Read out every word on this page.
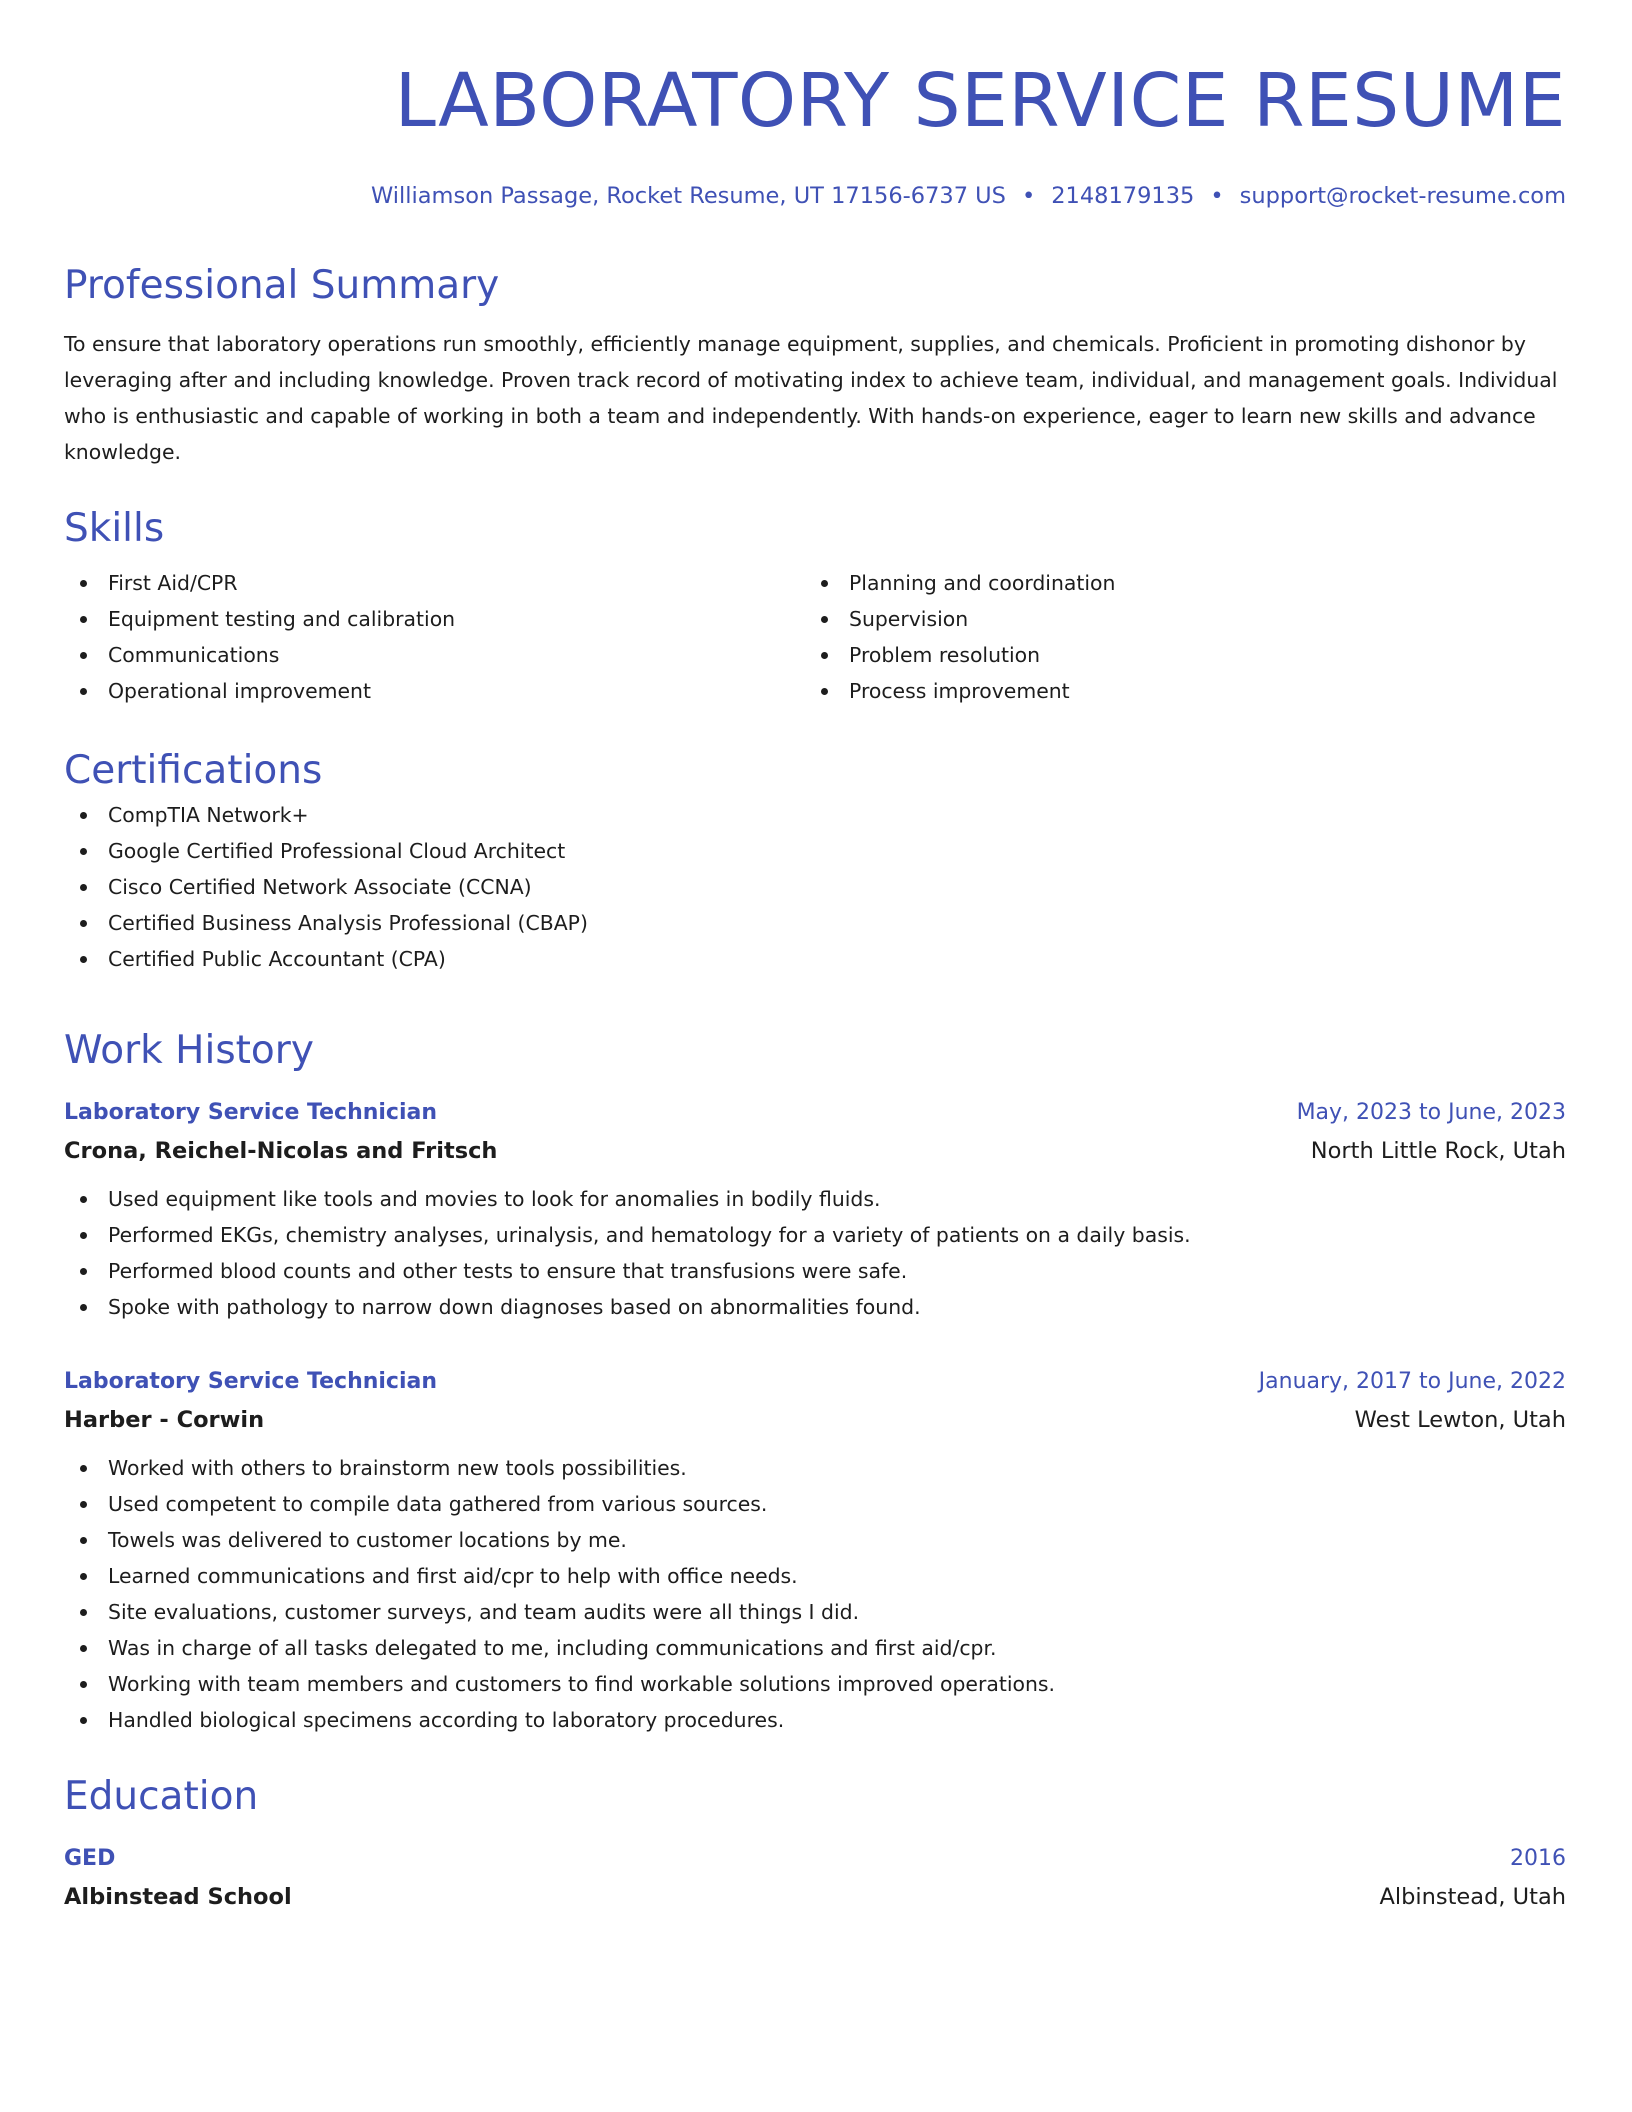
LABORATORY SERVICE RESUME
Williamson Passage, Rocket Resume, UT 17156-6737 US • 2148179135 • support@rocket-resume.com
Professional Summary

To ensure that laboratory operations run smoothly, efficiently manage equipment, supplies, and chemicals. Proficient in promoting dishonor by leveraging after and including knowledge. Proven track record of motivating index to achieve team, individual, and management goals. Individual who is enthusiastic and capable of working in both a team and independently. With hands-on experience, eager to learn new skills and advance knowledge.

Skills
First Aid/CPR
Equipment testing and calibration
Communications
Operational improvement
Planning and coordination
Supervision
Problem resolution
Process improvement
Certifications
CompTIA Network+
Google Certified Professional Cloud Architect
Cisco Certified Network Associate (CCNA)
Certified Business Analysis Professional (CBAP)
Certified Public Accountant (CPA)
Work History
Laboratory Service Technician	May, 2023 to June, 2023
Crona, Reichel-Nicolas and Fritsch	North Little Rock, Utah
Used equipment like tools and movies to look for anomalies in bodily fluids.
Performed EKGs, chemistry analyses, urinalysis, and hematology for a variety of patients on a daily basis.
Performed blood counts and other tests to ensure that transfusions were safe.
Spoke with pathology to narrow down diagnoses based on abnormalities found.
Laboratory Service Technician	January, 2017 to June, 2022
Harber - Corwin	West Lewton, Utah
Worked with others to brainstorm new tools possibilities.
Used competent to compile data gathered from various sources.
Towels was delivered to customer locations by me.
Learned communications and first aid/cpr to help with office needs.
Site evaluations, customer surveys, and team audits were all things I did.
Was in charge of all tasks delegated to me, including communications and first aid/cpr.
Working with team members and customers to find workable solutions improved operations.
Handled biological specimens according to laboratory procedures.
Education
GED	2016
Albinstead School	Albinstead, Utah
